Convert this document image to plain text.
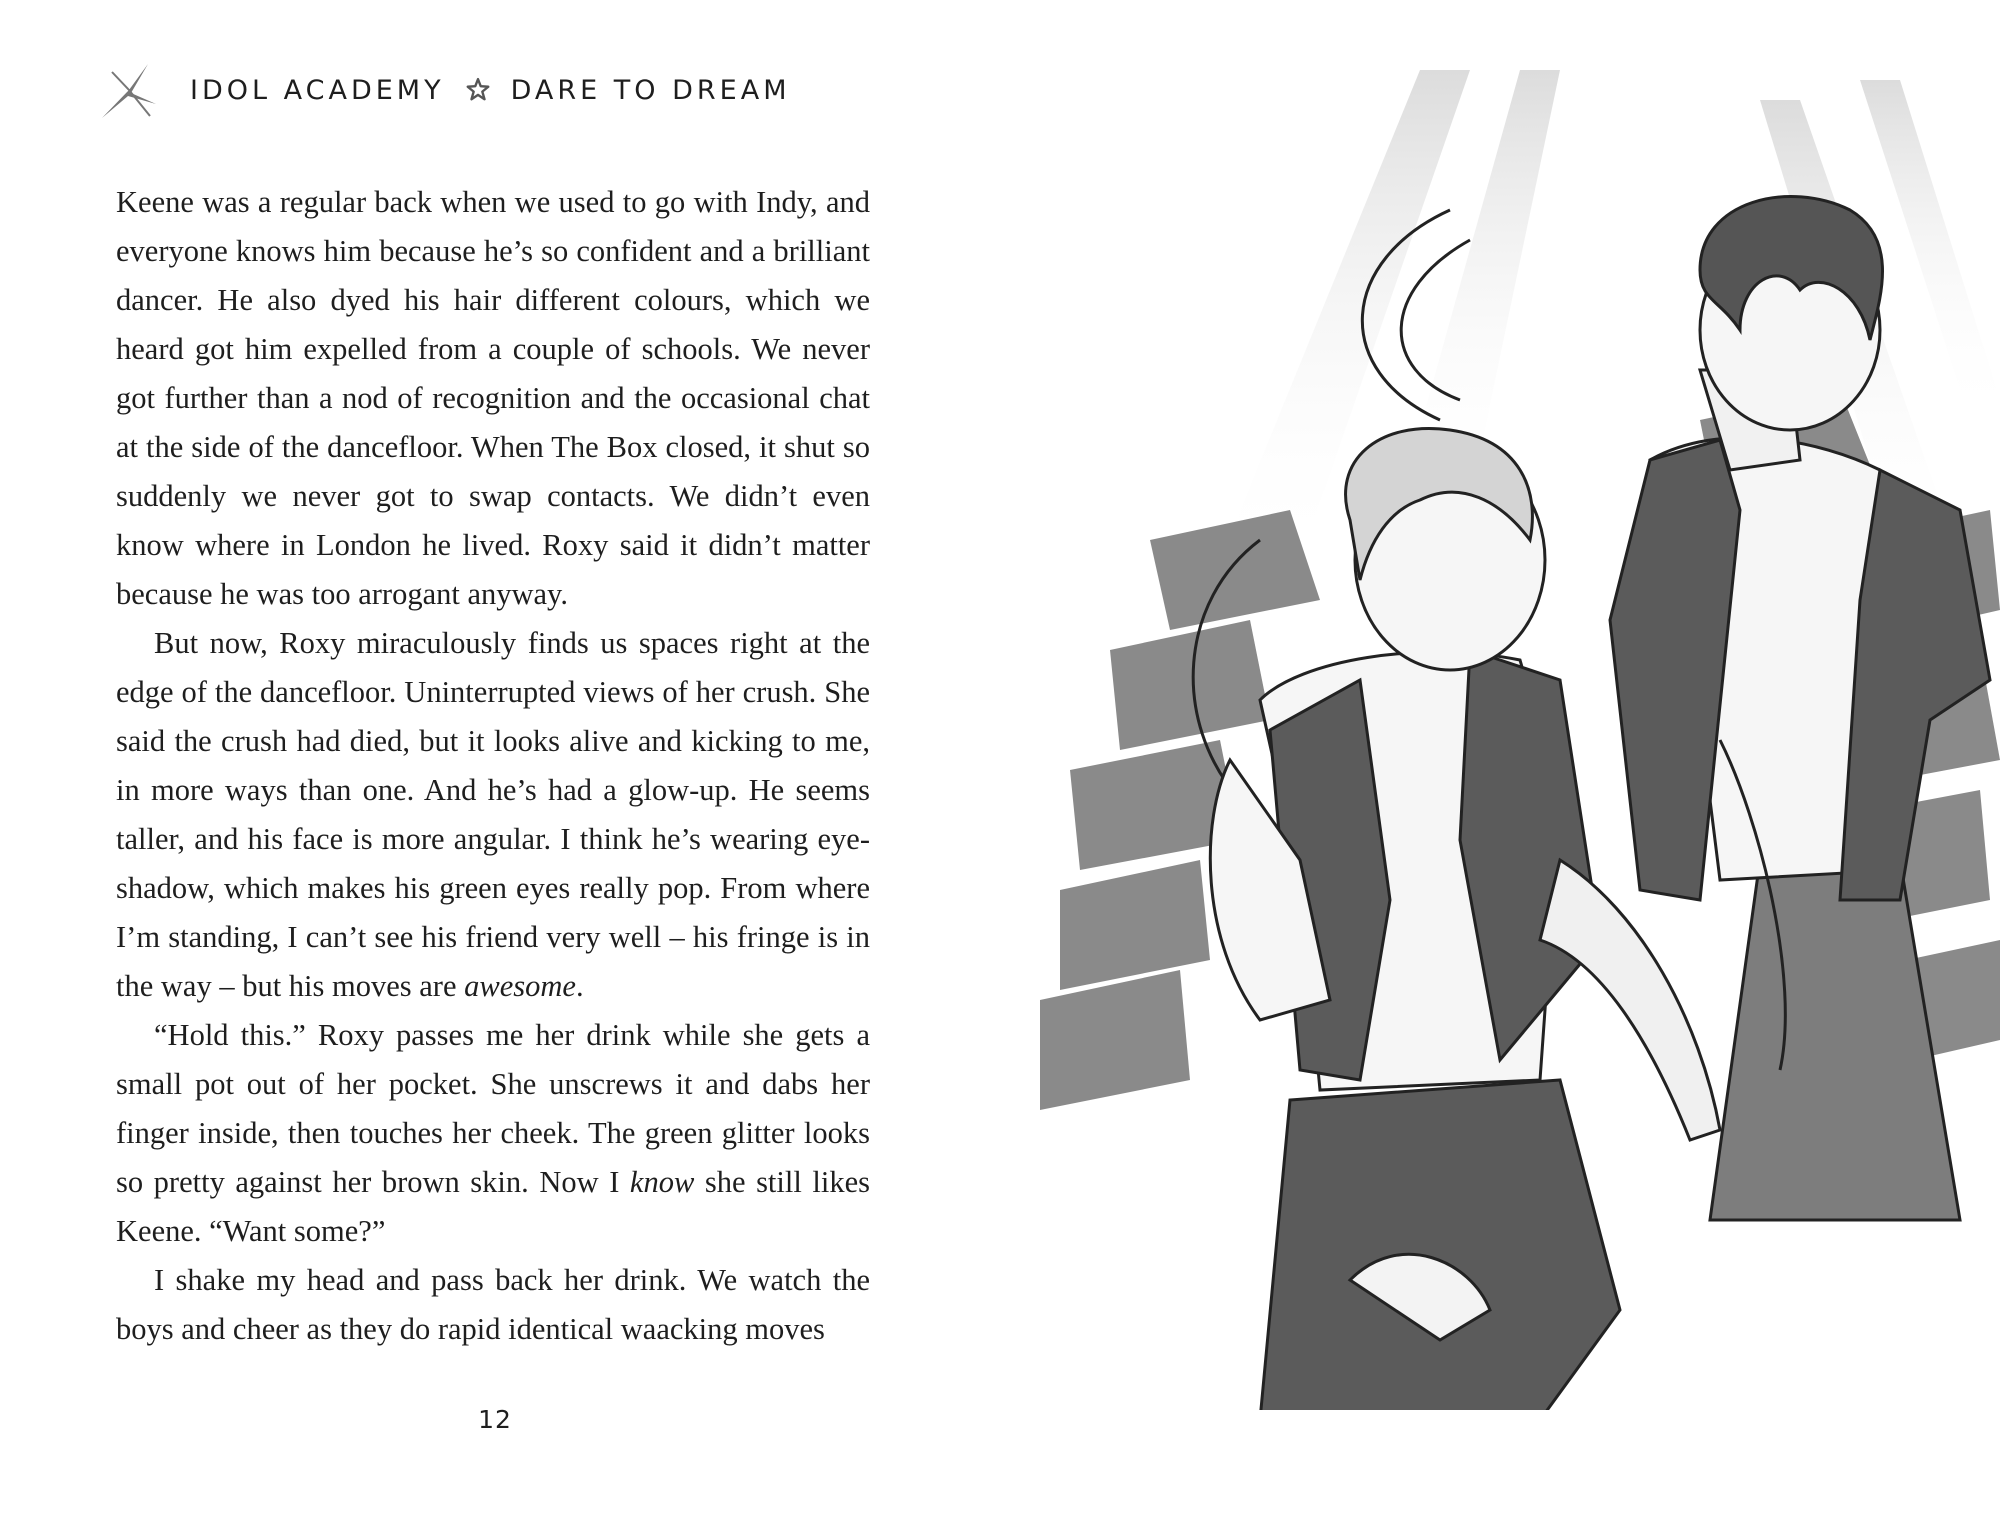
IDOL ACADEMY DARE TO DREAM

Keene was a regular back when we used to go with Indy, and everyone knows him because he’s so confident and a brilliant dancer. He also dyed his hair different colours, which we heard got him expelled from a couple of schools. We never got further than a nod of recognition and the occasional chat at the side of the dancefloor. When The Box closed, it shut so suddenly we never got to swap contacts. We didn’t even know where in London he lived. Roxy said it didn’t matter because he was too arrogant anyway.

But now, Roxy miraculously finds us spaces right at the edge of the dancefloor. Uninterrupted views of her crush. She said the crush had died, but it looks alive and kicking to me, in more ways than one. And he’s had a glow-up. He seems taller, and his face is more angular. I think he’s wearing eye-shadow, which makes his green eyes really pop. From where I’m standing, I can’t see his friend very well – his fringe is in the way – but his moves are awesome.

“Hold this.” Roxy passes me her drink while she gets a small pot out of her pocket. She unscrews it and dabs her finger inside, then touches her cheek. The green glitter looks so pretty against her brown skin. Now I know she still likes Keene. “Want some?”

I shake my head and pass back her drink. We watch the boys and cheer as they do rapid identical waacking moves

12
